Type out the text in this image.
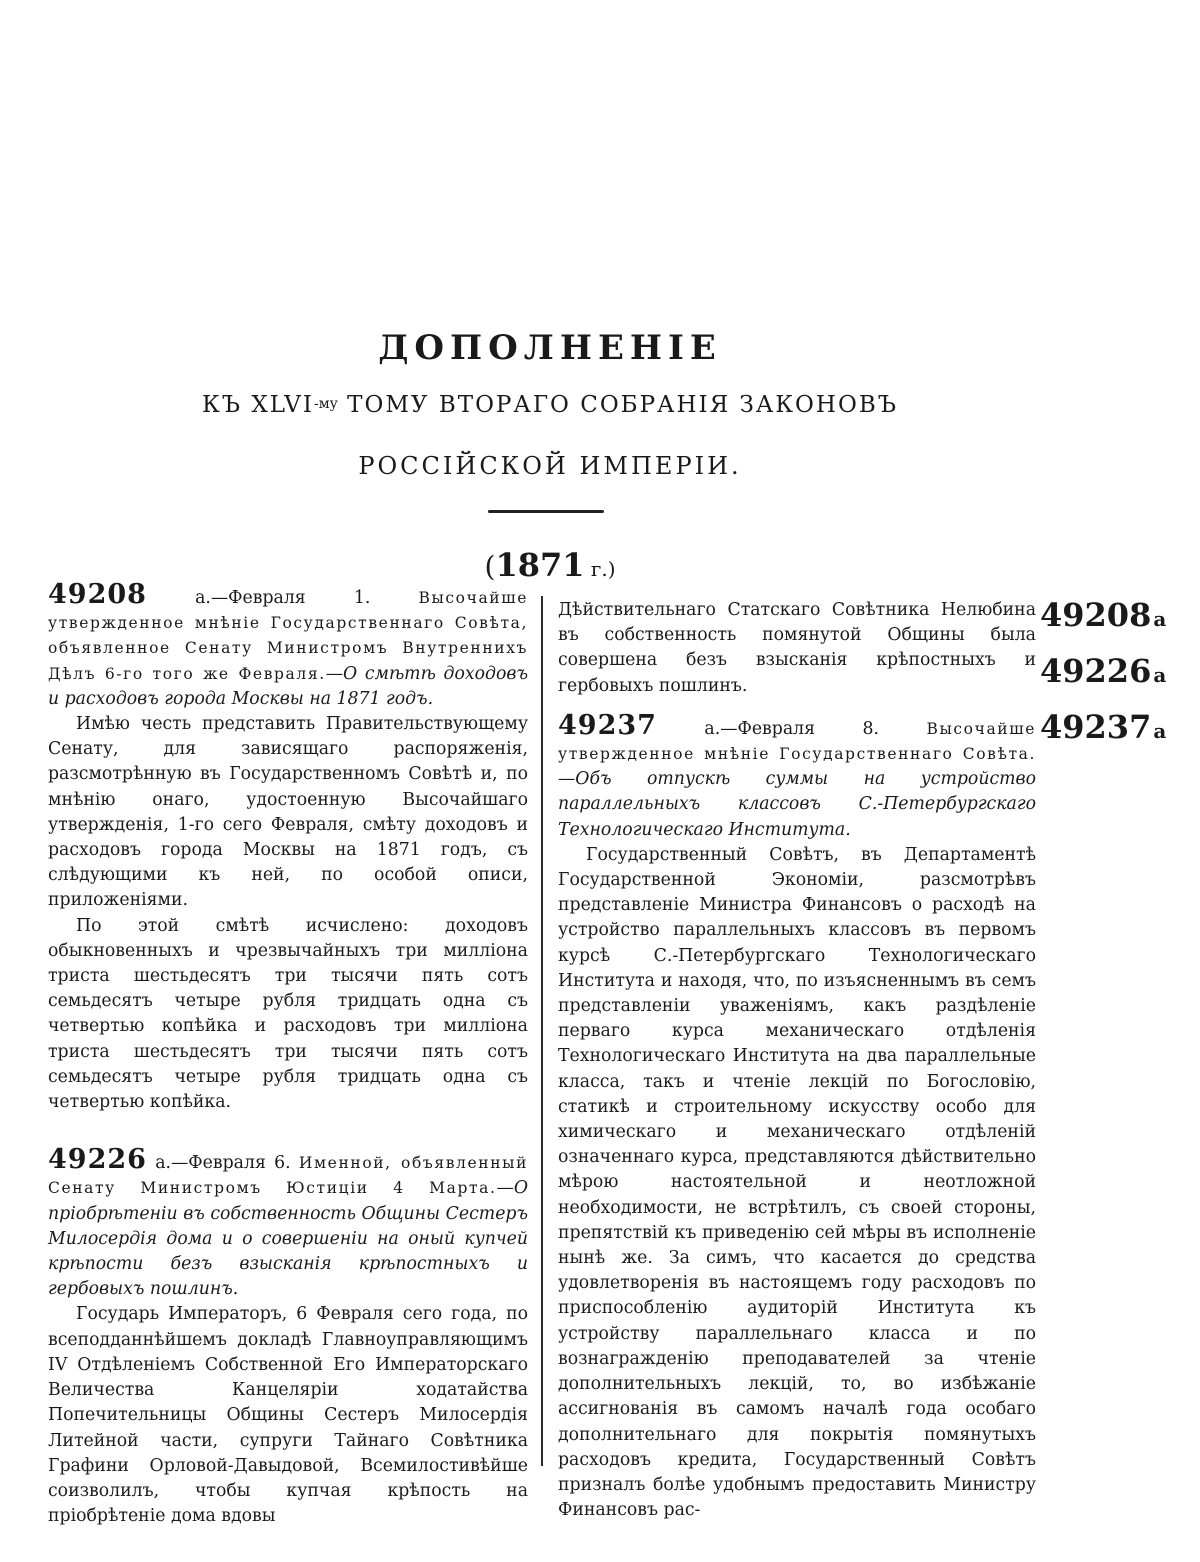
ДОПОЛНЕНІЕ
КЪ $XLVI^{-му}$ ТОМУ ВТОРАГО СОБРАНІЯ ЗАКОНОВЪ
РОССІЙСКОЙ ИМПЕРІИ.
(1871 г.)

49208 а.—Февраля 1. Высочайше утвержденное мнѣніе Государственнаго Совѣта, объявленное Сенату Министромъ Внутреннихъ Дѣлъ 6-го того же Февраля.—О смѣтѣ доходовъ и расходовъ города Москвы на 1871 годъ.

Имѣю честь представить Правительствующему Сенату, для зависящаго распоряженія, разсмотрѣнную въ Государственномъ Совѣтѣ и, по мнѣнію онаго, удостоенную Высочайшаго утвержденія, 1-го сего Февраля, смѣту доходовъ и расходовъ города Москвы на 1871 годъ, съ слѣдующими къ ней, по особой описи, приложеніями.

По этой смѣтѣ исчислено: доходовъ обыкновенныхъ и чрезвычайныхъ три милліона триста шестьдесятъ три тысячи пять сотъ семьдесятъ четыре рубля тридцать одна съ четвертью копѣйка и расходовъ три милліона триста шестьдесятъ три тысячи пять сотъ семьдесятъ четыре рубля тридцать одна съ четвертью копѣйка.

49226 а.—Февраля 6. Именной, объявленный Сенату Министромъ Юстиціи 4 Марта.—О пріобрѣтеніи въ собственность Общины Сестеръ Милосердія дома и о совершеніи на оный купчей крѣпости безъ взысканія крѣпостныхъ и гербовыхъ пошлинъ.

Государь Императоръ, 6 Февраля сего года, по всеподданнѣйшемъ докладѣ Главноуправляющимъ IV Отдѣленіемъ Собственной Его Императорскаго Величества Канцеляріи ходатайства Попечительницы Общины Сестеръ Милосердія Литейной части, супруги Тайнаго Совѣтника Графини Орловой-Давыдовой, Всемилостивѣйше соизволилъ, чтобы купчая крѣпость на пріобрѣтеніе дома вдовы

Дѣйствительнаго Статскаго Совѣтника Нелюбина въ собственность помянутой Общины была совершена безъ взысканія крѣпостныхъ и гербовыхъ пошлинъ.

49237 а.—Февраля 8. Высочайше утвержденное мнѣніе Государственнаго Совѣта.—Объ отпускѣ суммы на устройство параллельныхъ классовъ С.-Петербургскаго Технологическаго Института.

Государственный Совѣтъ, въ Департаментѣ Государственной Экономіи, разсмотрѣвъ представленіе Министра Финансовъ о расходѣ на устройство параллельныхъ классовъ въ первомъ курсѣ С.-Петербургскаго Технологическаго Института и находя, что, по изъясненнымъ въ семъ представленіи уваженіямъ, какъ раздѣленіе перваго курса механическаго отдѣленія Технологическаго Института на два параллельные класса, такъ и чтеніе лекцій по Богословію, статикѣ и строительному искусству особо для химическаго и механическаго отдѣленій означеннаго курса, представляются дѣйствительно мѣрою настоятельной и неотложной необходимости, не встрѣтилъ, съ своей стороны, препятствій къ приведенію сей мѣры въ исполненіе нынѣ же. За симъ, что касается до средства удовлетворенія въ настоящемъ году расходовъ по приспособленію аудиторій Института къ устройству параллельнаго класса и по вознагражденію преподавателей за чтеніе дополнительныхъ лекцій, то, во избѣжаніе ассигнованія въ самомъ началѣ года особаго дополнительнаго для покрытія помянутыхъ расходовъ кредита, Государственный Совѣтъ призналъ болѣе удобнымъ предоставить Министру Финансовъ рас-

49208 а
49226 а
49237 а
